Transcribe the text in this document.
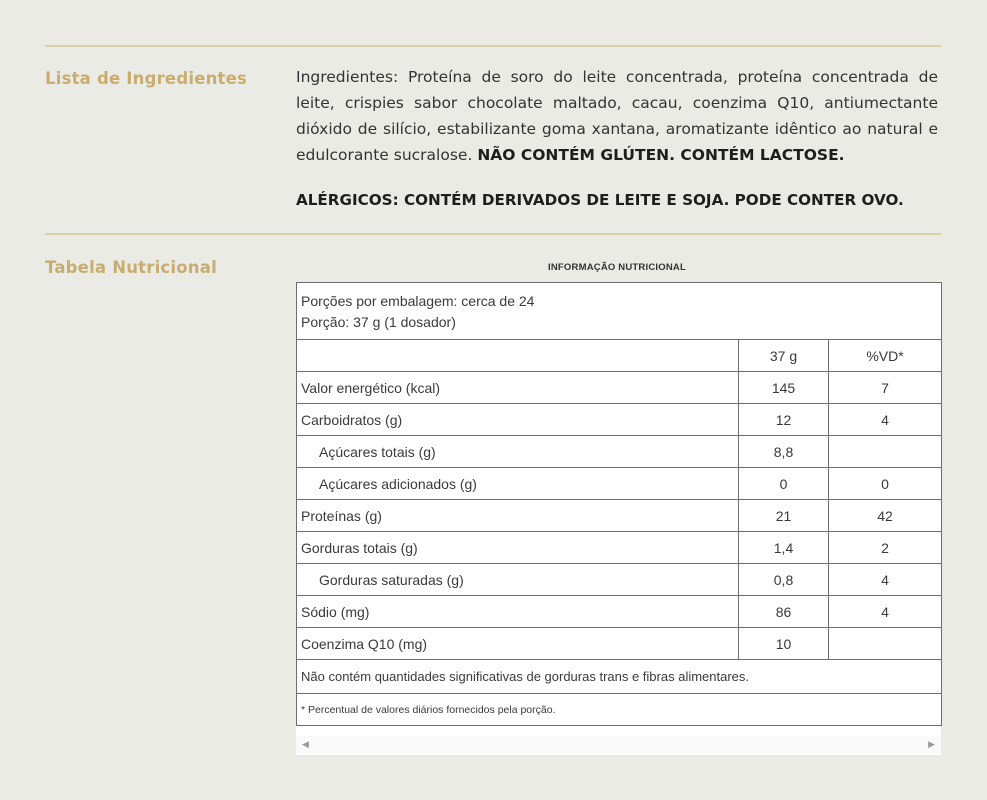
Lista de Ingredientes	Ingredientes: Proteína de soro do leite concentrada, proteína concentrada de leite, crispies sabor chocolate maltado, cacau, coenzima Q10, antiumectante dióxido de silício, estabilizante goma xantana, aromatizante idêntico ao natural e edulcorante sucralose. NÃO CONTÉM GLÚTEN. CONTÉM LACTOSE.
ALÉRGICOS: CONTÉM DERIVADOS DE LEITE E SOJA. PODE CONTER OVO.
Tabela Nutricional	INFORMAÇÃO NUTRICIONAL
Porções por embalagem: cerca de 24
Porção: 37 g (1 dosador)		

	37 g	%VD*
Valor energético (kcal)	145	7
Carboidratos (g)	12	4
Açúcares totais (g)	8,8	
Açúcares adicionados (g)	0	0
Proteínas (g)	21	42
Gorduras totais (g)	1,4	2
Gorduras saturadas (g)	0,8	4
Sódio (mg)	86	4
Coenzima Q10 (mg)	10	
Não contém quantidades significativas de gorduras trans e fibras alimentares.		
* Percentual de valores diários fornecidos pela porção.		
◀	▶
